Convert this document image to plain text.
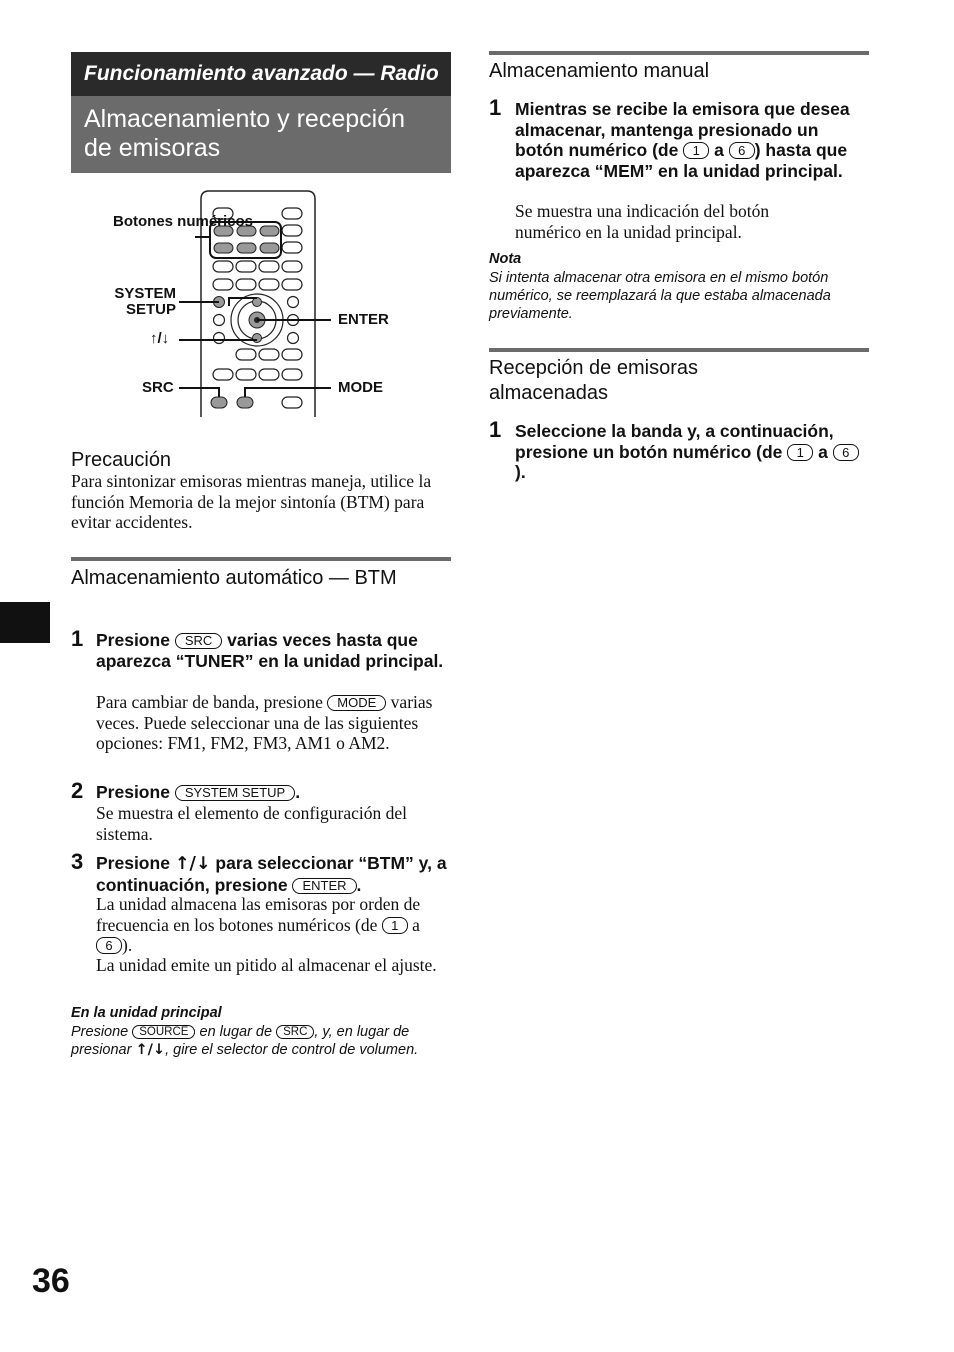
Funcionamiento avanzado — Radio
Almacenamiento y recepción de emisoras
Botones numéricos
SYSTEM SETUP
↑/↓
SRC
ENTER
MODE
Precaución
Para sintonizar emisoras mientras maneja, utilice la función Memoria de la mejor sintonía (BTM) para evitar accidentes.
Almacenamiento automático — BTM
1 Presione SRC varias veces hasta que aparezca “TUNER” en la unidad principal.
Para cambiar de banda, presione MODE varias veces. Puede seleccionar una de las siguientes opciones: FM1, FM2, FM3, AM1 o AM2.
2 Presione SYSTEM SETUP .
Se muestra el elemento de configuración del sistema.
3 Presione ↑/↓ para seleccionar “BTM” y, a continuación, presione ENTER .
La unidad almacena las emisoras por orden de frecuencia en los botones numéricos (de 1 a 6 ).
La unidad emite un pitido al almacenar el ajuste.
En la unidad principal
Presione SOURCE en lugar de SRC , y, en lugar de presionar ↑/↓, gire el selector de control de volumen.
Almacenamiento manual
1 Mientras se recibe la emisora que desea almacenar, mantenga presionado un botón numérico (de 1 a 6 ) hasta que aparezca “MEM” en la unidad principal.
Se muestra una indicación del botón numérico en la unidad principal.
Nota
Si intenta almacenar otra emisora en el mismo botón numérico, se reemplazará la que estaba almacenada previamente.
Recepción de emisoras almacenadas
1 Seleccione la banda y, a continuación, presione un botón numérico (de 1 a 6).
36
